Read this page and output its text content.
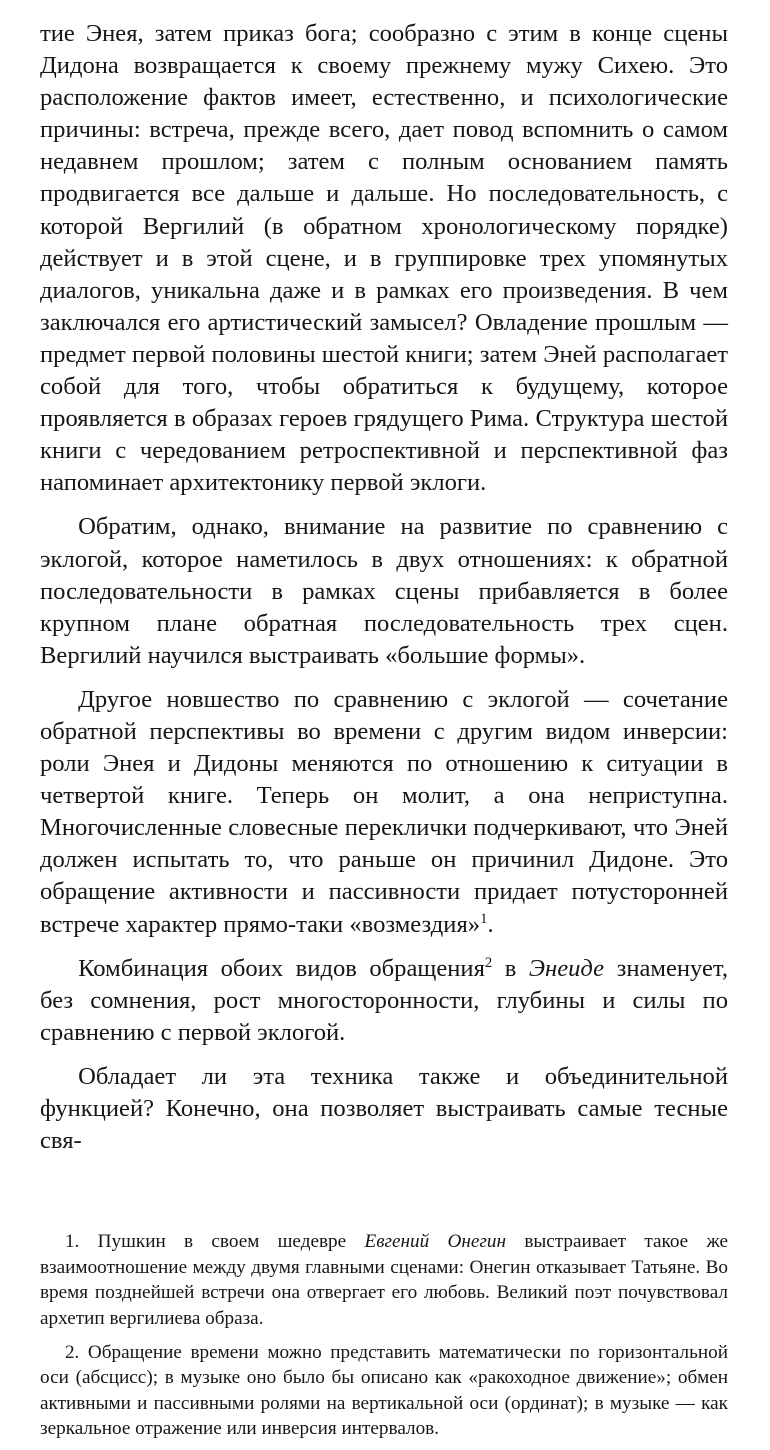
тие Энея, затем приказ бога; сообразно с этим в конце сцены Дидона возвращается к своему прежнему мужу Сихею. Это расположение фактов имеет, естественно, и психологические причины: встреча, прежде всего, дает повод вспомнить о самом недавнем прошлом; затем с полным основанием память продвигается все дальше и дальше. Но последовательность, с которой Вергилий (в обратном хронологическому порядке) действует и в этой сцене, и в группировке трех упомянутых диалогов, уникальна даже и в рамках его произведения. В чем заключался его артистический замысел? Овладение прошлым — предмет первой половины шестой книги; затем Эней располагает собой для того, чтобы обратиться к будущему, которое проявляется в образах героев грядущего Рима. Структура шестой книги с чередованием ретроспективной и перспективной фаз напоминает архитектонику первой эклоги.

Обратим, однако, внимание на развитие по сравнению с эклогой, которое наметилось в двух отношениях: к обратной последовательности в рамках сцены прибавляется в более крупном плане обратная последовательность трех сцен. Вергилий научился выстраивать «большие формы».

Другое новшество по сравнению с эклогой — сочетание обратной перспективы во времени с другим видом инверсии: роли Энея и Дидоны меняются по отношению к ситуации в четвертой книге. Теперь он молит, а она неприступна. Многочисленные словесные переклички подчеркивают, что Эней должен испытать то, что раньше он причинил Дидоне. Это обращение активности и пассивности придает потусторонней встрече характер прямо-таки «возмездия»$^1$.

Комбинация обоих видов обращения$^2$ в Энеиде знаменует, без сомнения, рост многосторонности, глубины и силы по сравнению с первой эклогой.

Обладает ли эта техника также и объединительной функцией? Конечно, она позволяет выстраивать самые тесные свя-

1. Пушкин в своем шедевре Евгений Онегин выстраивает такое же взаимоотношение между двумя главными сценами: Онегин отказывает Татьяне. Во время позднейшей встречи она отвергает его любовь. Великий поэт почувствовал архетип вергилиева образа.

2. Обращение времени можно представить математически по горизонтальной оси (абсцисс); в музыке оно было бы описано как «ракоходное движение»; обмен активными и пассивными ролями на вертикальной оси (ординат); в музыке — как зеркальное отражение или инверсия интервалов.
